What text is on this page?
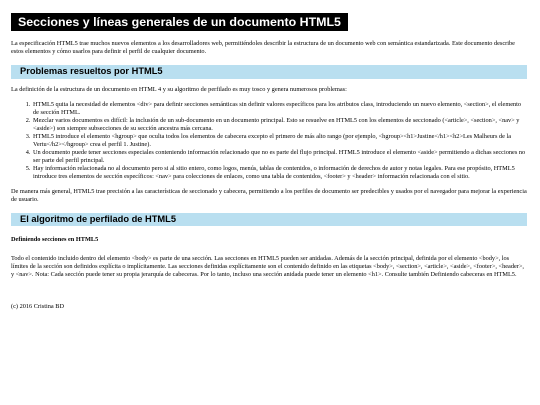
Secciones y líneas generales de un documento HTML5

La especificación HTML5 trae muchos nuevos elementos a los desarrolladores web, permitiéndoles describir la estructura de un documento web con semántica estandarizada. Este documento describe estos elementos y cómo usarlos para definir el perfil de cualquier documento.

Problemas resueltos por HTML5

La definición de la estructura de un documento en HTML 4 y su algoritmo de perfilado es muy tosco y genera numerosos problemas:

1. HTML5 quita la necesidad de elementos <div> para definir secciones semánticas sin definir valores específicos para los atributos class, introduciendo un nuevo elemento, <section>, el elemento de sección HTML.
2. Mezclar varios documentos es difícil: la inclusión de un sub-documento en un documento principal. Esto se resuelve en HTML5 con los elementos de seccionado (<article>, <section>, <nav> y <aside>) son siempre subsecciones de su sección ancestra más cercana.
3. HTML5 introduce el elemento <hgroup> que oculta todos los elementos de cabecera excepto el primero de más alto rango (por ejemplo, <hgroup><h1>Justine</h1><h2>Les Malheurs de la Vertu</h2></hgroup> crea el perfil 1. Justine).
4. Un documento puede tener secciones especiales conteniendo información relacionado que no es parte del flujo principal. HTML5 introduce el elemento <aside> permitiendo a dichas secciones no ser parte del perfil principal.
5. Hay información relacionada no al documento pero si al sitio entero, como logos, menús, tablas de contenidos, o información de derechos de autor y notas legales. Para ese propósito, HTML5 introduce tres elementos de sección específicos: <nav> para colecciones de enlaces, como una tabla de contenidos, <footer> y <header> información relacionada con el sitio.

De manera más general, HTML5 trae precisión a las características de seccionado y cabecera, permitiendo a los perfiles de documento ser predecibles y usados por el navegador para mejorar la experiencia de usuario.

El algoritmo de perfilado de HTML5

Definiendo secciones en HTML5

Todo el contenido incluido dentro del elemento <body> es parte de una sección. Las secciones en HTML5 pueden ser anidadas. Además de la sección principal, definida por el elemento <body>, los límites de la sección son definidos explícita o implícitamente. Las secciones definidas explícitamente son el contenido definido en las etiquetas <body>, <section>, <article>, <aside>, <footer>, <header>, y <nav>. Nota: Cada sección puede tener su propia jerarquía de cabeceras. Por lo tanto, incluso una sección anidada puede tener un elemento <h1>. Consulte también Definiendo cabeceras en HTML5.

(c) 2016 Cristina BD
